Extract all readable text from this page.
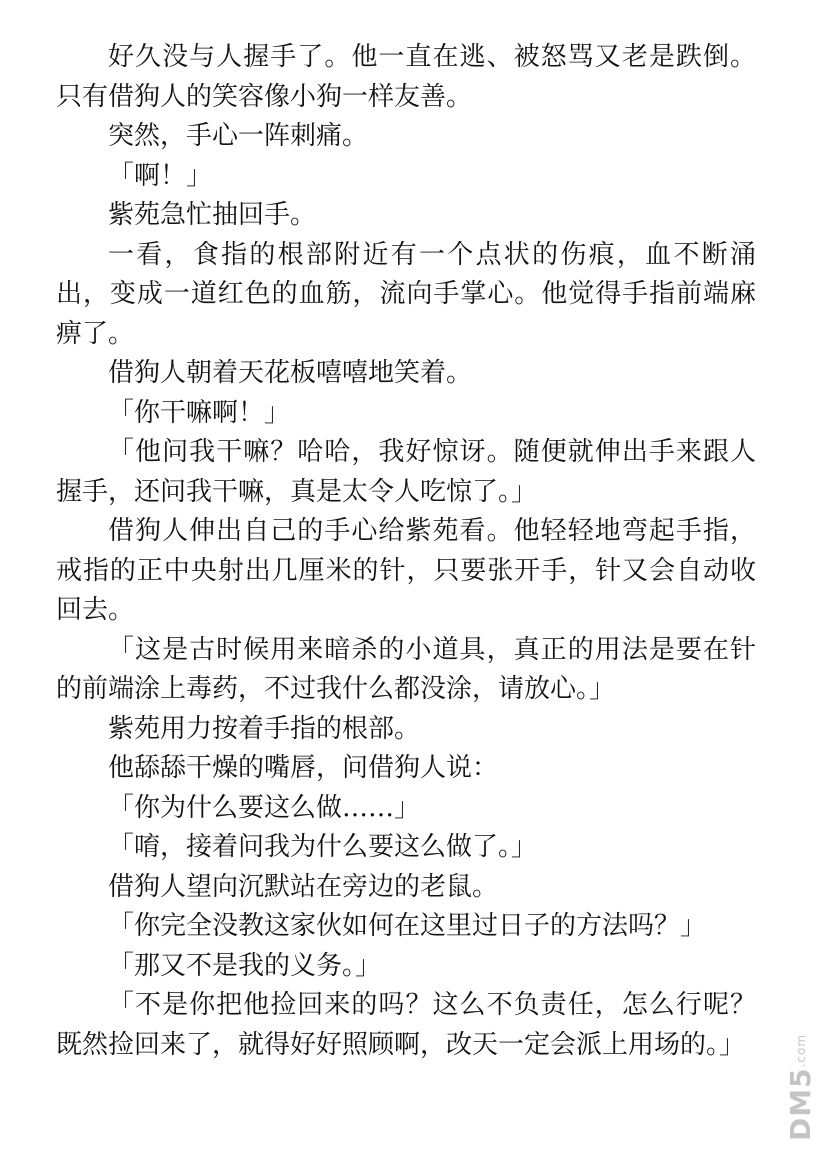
好久没与人握手了。他一直在逃、被怒骂又老是跌倒。只有借狗人的笑容像小狗一样友善。

突然，手心一阵刺痛。

「啊！」

紫苑急忙抽回手。

一看，食指的根部附近有一个点状的伤痕，血不断涌出，变成一道红色的血筋，流向手掌心。他觉得手指前端麻痹了。

借狗人朝着天花板嘻嘻地笑着。

「你干嘛啊！」

「他问我干嘛？哈哈，我好惊讶。随便就伸出手来跟人握手，还问我干嘛，真是太令人吃惊了。」

借狗人伸出自己的手心给紫苑看。他轻轻地弯起手指，戒指的正中央射出几厘米的针，只要张开手，针又会自动收回去。

「这是古时候用来暗杀的小道具，真正的用法是要在针的前端涂上毒药，不过我什么都没涂，请放心。」

紫苑用力按着手指的根部。

他舔舔干燥的嘴唇，问借狗人说：

「你为什么要这么做……」

「唷，接着问我为什么要这么做了。」

借狗人望向沉默站在旁边的老鼠。

「你完全没教这家伙如何在这里过日子的方法吗？」

「那又不是我的义务。」

「不是你把他捡回来的吗？这么不负责任，怎么行呢？既然捡回来了，就得好好照顾啊，改天一定会派上用场的。」

DM5.com
